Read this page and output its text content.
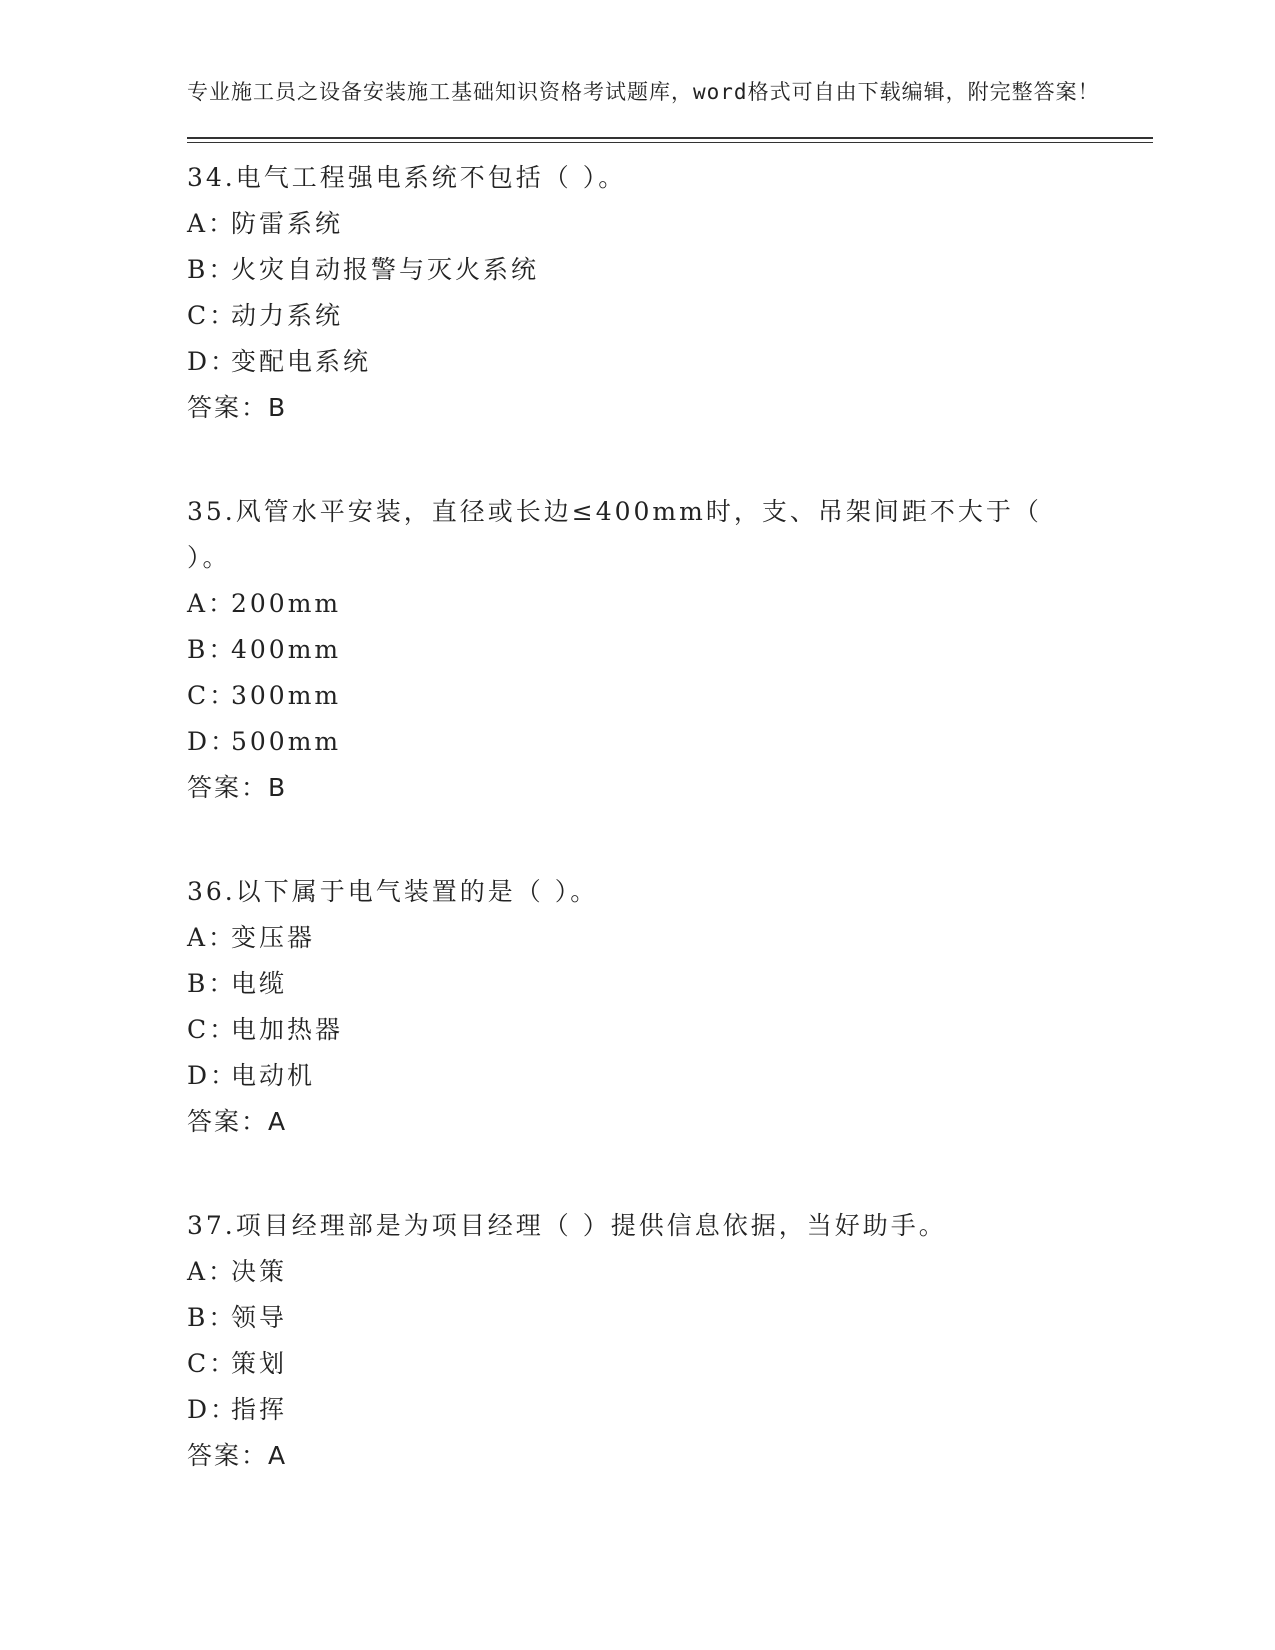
专业施工员之设备安装施工基础知识资格考试题库，word格式可自由下载编辑，附完整答案！
34.电气工程强电系统不包括（ ）。
A：防雷系统
B：火灾自动报警与灭火系统
C：动力系统
D：变配电系统
答案：B
35.风管水平安装，直径或长边≤400mm时，支、吊架间距不大于（ ）。
A：200mm
B：400mm
C：300mm
D：500mm
答案：B
36.以下属于电气装置的是（ ）。
A：变压器
B：电缆
C：电加热器
D：电动机
答案：A
37.项目经理部是为项目经理（ ）提供信息依据，当好助手。
A：决策
B：领导
C：策划
D：指挥
答案：A
